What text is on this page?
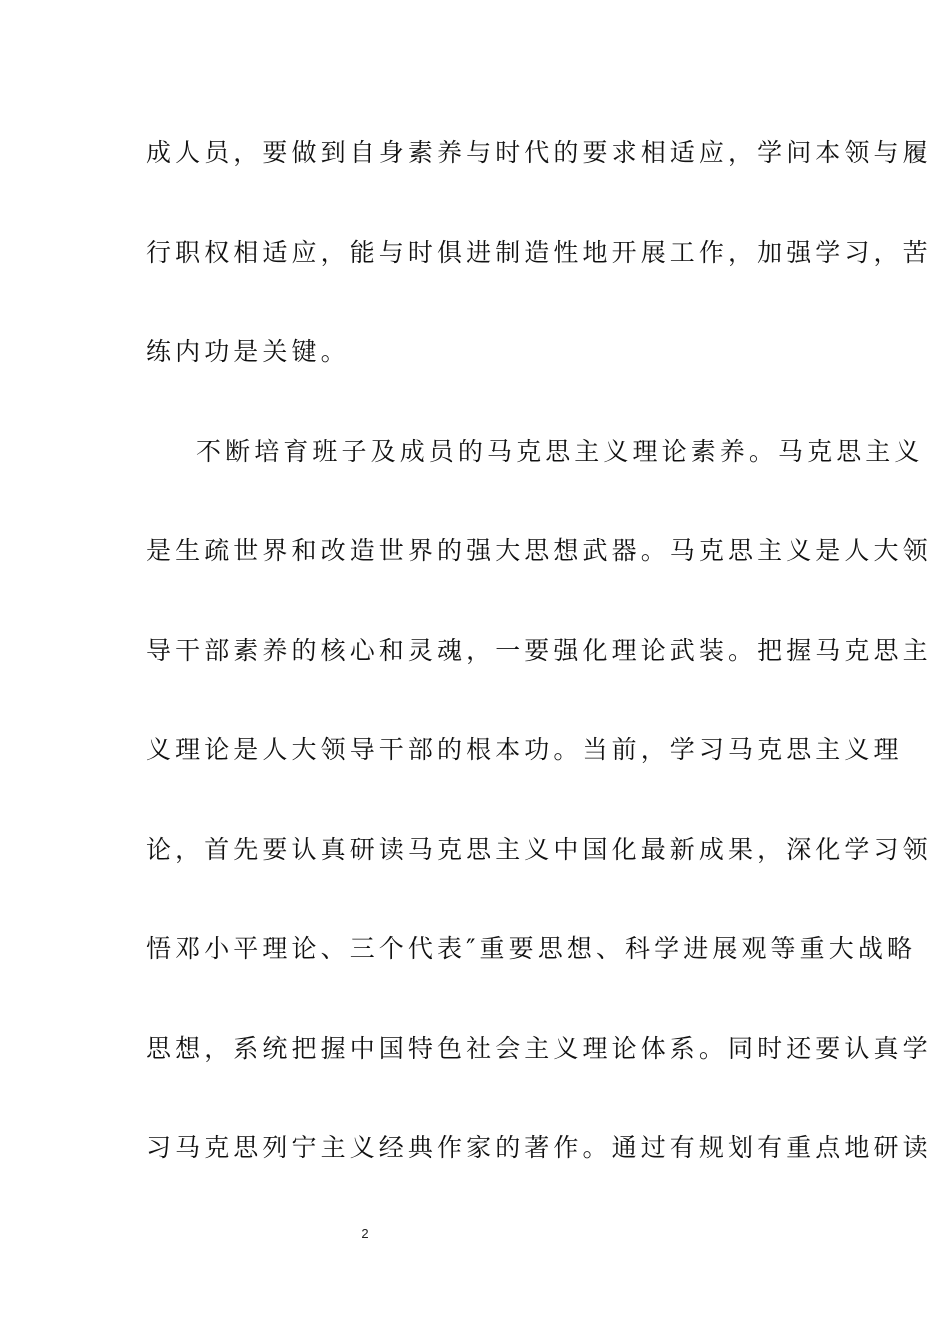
成人员，要做到自身素养与时代的要求相适应，学问本领与履
行职权相适应，能与时俱进制造性地开展工作，加强学习，苦
练内功是关键。
不断培育班子及成员的马克思主义理论素养。马克思主义
是生疏世界和改造世界的强大思想武器。马克思主义是人大领
导干部素养的核心和灵魂，一要强化理论武装。把握马克思主
义理论是人大领导干部的根本功。当前，学习马克思主义理
论，首先要认真研读马克思主义中国化最新成果，深化学习领
悟邓小平理论、三个代表″重要思想、科学进展观等重大战略
思想，系统把握中国特色社会主义理论体系。同时还要认真学
习马克思列宁主义经典作家的著作。通过有规划有重点地研读
2
